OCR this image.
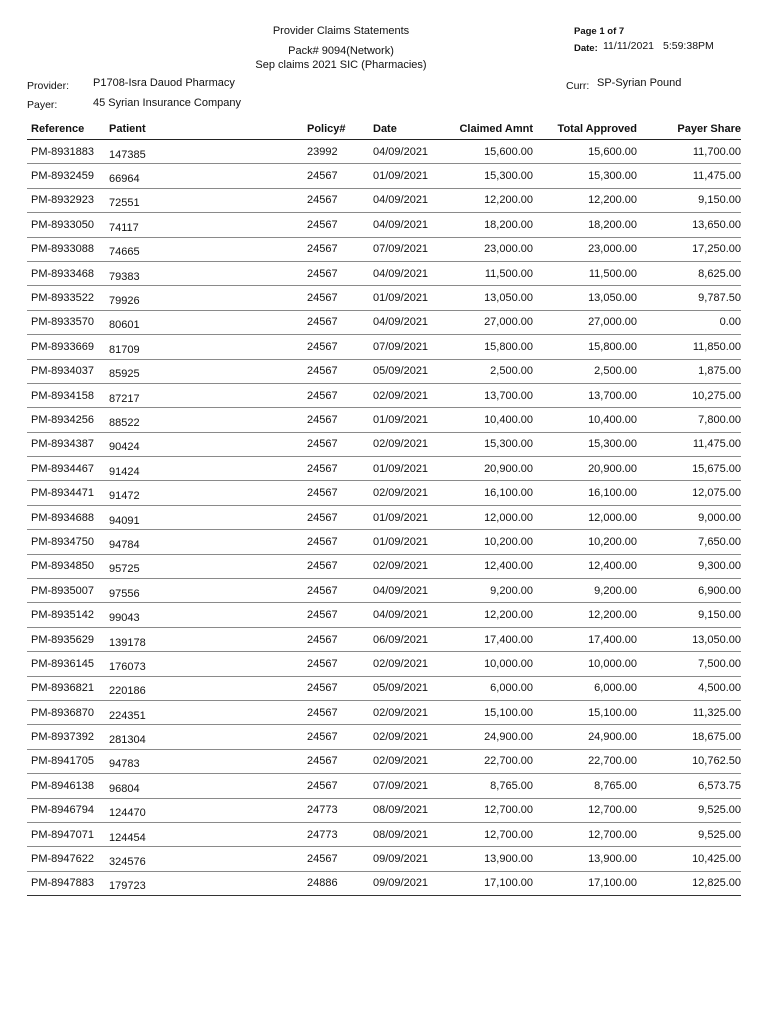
Provider Claims Statements
Pack# 9094(Network)
Sep claims 2021 SIC (Pharmacies)
Page 1 of 7
Date: 11/11/2021 5:59:38PM
Provider: P1708-Isra Dauod Pharmacy
Payer:	45 Syrian Insurance Company
Curr: SP-Syrian Pound
Reference	Patient	Policy#	Date	Claimed Amnt	Total Approved	Payer Share
PM-8931883	147385	23992	04/09/2021	15,600.00	15,600.00	11,700.00
PM-8932459	66964	24567	01/09/2021	15,300.00	15,300.00	11,475.00
PM-8932923	72551	24567	04/09/2021	12,200.00	12,200.00	9,150.00
PM-8933050	74117	24567	04/09/2021	18,200.00	18,200.00	13,650.00
PM-8933088	74665	24567	07/09/2021	23,000.00	23,000.00	17,250.00
PM-8933468	79383	24567	04/09/2021	11,500.00	11,500.00	8,625.00
PM-8933522	79926	24567	01/09/2021	13,050.00	13,050.00	9,787.50
PM-8933570	80601	24567	04/09/2021	27,000.00	27,000.00	0.00
PM-8933669	81709	24567	07/09/2021	15,800.00	15,800.00	11,850.00
PM-8934037	85925	24567	05/09/2021	2,500.00	2,500.00	1,875.00
PM-8934158	87217	24567	02/09/2021	13,700.00	13,700.00	10,275.00
PM-8934256	88522	24567	01/09/2021	10,400.00	10,400.00	7,800.00
PM-8934387	90424	24567	02/09/2021	15,300.00	15,300.00	11,475.00
PM-8934467	91424	24567	01/09/2021	20,900.00	20,900.00	15,675.00
PM-8934471	91472	24567	02/09/2021	16,100.00	16,100.00	12,075.00
PM-8934688	94091	24567	01/09/2021	12,000.00	12,000.00	9,000.00
PM-8934750	94784	24567	01/09/2021	10,200.00	10,200.00	7,650.00
PM-8934850	95725	24567	02/09/2021	12,400.00	12,400.00	9,300.00
PM-8935007	97556	24567	04/09/2021	9,200.00	9,200.00	6,900.00
PM-8935142	99043	24567	04/09/2021	12,200.00	12,200.00	9,150.00
PM-8935629	139178	24567	06/09/2021	17,400.00	17,400.00	13,050.00
PM-8936145	176073	24567	02/09/2021	10,000.00	10,000.00	7,500.00
PM-8936821	220186	24567	05/09/2021	6,000.00	6,000.00	4,500.00
PM-8936870	224351	24567	02/09/2021	15,100.00	15,100.00	11,325.00
PM-8937392	281304	24567	02/09/2021	24,900.00	24,900.00	18,675.00
PM-8941705	94783	24567	02/09/2021	22,700.00	22,700.00	10,762.50
PM-8946138	96804	24567	07/09/2021	8,765.00	8,765.00	6,573.75
PM-8946794	124470	24773	08/09/2021	12,700.00	12,700.00	9,525.00
PM-8947071	124454	24773	08/09/2021	12,700.00	12,700.00	9,525.00
PM-8947622	324576	24567	09/09/2021	13,900.00	13,900.00	10,425.00
PM-8947883	179723	24886	09/09/2021	17,100.00	17,100.00	12,825.00
